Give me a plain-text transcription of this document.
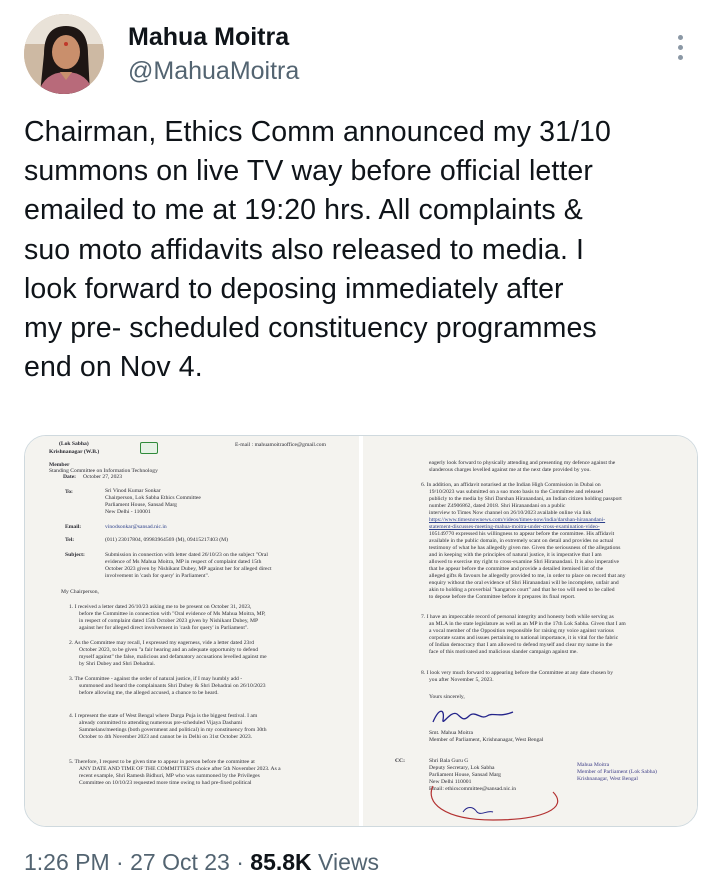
Mahua Moitra
@MahuaMoitra
Chairman, Ethics Comm announced my 31/10
summons on live TV way before official letter
emailed to me at 19:20 hrs. All complaints &
suo moto affidavits also released to media. I
look forward to deposing immediately after
my pre- scheduled constituency programmes
end on Nov 4.
(Lok Sabha)
Krishnanagar (W.B.)
E-mail : mahuamoitraoffice@gmail.com
Member
Standing Committee on Information Technology
Date: October 27, 2023
To:	Sri Vinod Kumar Sonkar
Chairperson, Lok Sabha Ethics Committee
Parliament House, Sansad Marg
New Delhi - 110001
Email:	vinodsonkar@sansad.nic.in
Tel:	(011) 23017804, 09983964569 (M), 09415217403 (M)
Subject:	Submission in connection with letter dated 26/10/23 on the subject "Oral
evidence of Ms Mahua Moitra, MP in respect of complaint dated 15th
October 2023 given by Nishikant Dubey, MP against her for alleged direct
involvement in 'cash for query' in Parliament".
My Chairperson,
1. I received a letter dated 26/10/23 asking me to be present on October 31, 2023,
before the Committee in connection with "Oral evidence of Ms Mahua Moitra, MP,
in respect of complaint dated 15th October 2023 given by Nishikant Dubey, MP
against her for alleged direct involvement in 'cash for query' in Parliament".
2. As the Committee may recall, I expressed my eagerness, vide a letter dated 23rd
October 2023, to be given "a fair hearing and an adequate opportunity to defend
myself against" the false, malicious and defamatory accusations levelled against me
by Shri Dubey and Shri Dehadrai.
3. The Committee - against the order of natural justice, if I may humbly add -
summoned and heard the complainants Shri Dubey & Shri Dehadrai on 26/10/2023
before allowing me, the alleged accused, a chance to be heard.
4. I represent the state of West Bengal where Durga Puja is the biggest festival. I am
already committed to attending numerous pre-scheduled Vijaya Dashami
Sammelans/meetings (both government and political) in my constituency from 30th
October to 4th November 2023 and cannot be in Delhi on 31st October 2023.
5. Therefore, I request to be given time to appear in person before the committee at
ANY DATE AND TIME OF THE COMMITTEE'S choice after 5th November 2023. As a
recent example, Shri Ramesh Bidhuri, MP who was summoned by the Privileges
Committee on 10/10/23 requested more time owing to had pre-fixed political
eagerly look forward to physically attending and presenting my defence against the
slanderous charges levelled against me at the next date provided by you.
6. In addition, an affidavit notarised at the Indian High Commission in Dubai on
19/10/2023 was submitted on a suo moto basis to the Committee and released
publicly to the media by Shri Darshan Hiranandani, an Indian citizen holding passport
number Z4906862, dated 2018. Shri Hiranandani on a public
interview to Times Now channel on 26/10/2023 available online via link
https://www.timesnownews.com/videos/times-now/india/darshan-hiranandani-
statement-discusses-meeting-mahua-moitra-under-cross-examination-video-
105149770 expressed his willingness to appear before the committee. His affidavit
available in the public domain, in extremely scant on detail and provides no actual
testimony of what he has allegedly given me. Given the seriousness of the allegations
and in keeping with the principles of natural justice, it is imperative that I am
allowed to exercise my right to cross-examine Shri Hiranandani. It is also imperative
that he appear before the committee and provide a detailed itemised list of the
alleged gifts & favours he allegedly provided to me, in order to place on record that any
enquiry without the oral evidence of Shri Hiranandani will be incomplete, unfair and
akin to holding a proverbial "kangaroo court" and that he too will need to be called
to depose before the Committee before it prepares its final report.
7. I have an impeccable record of personal integrity and honesty both while serving as
an MLA in the state legislature as well as an MP in the 17th Lok Sabha. Given that I am
a vocal member of the Opposition responsible for raising my voice against various
corporate scams and issues pertaining to national importance, it is vital for the fabric
of Indian democracy that I am allowed to defend myself and clear my name in the
face of this motivated and malicious slander campaign against me.
8. I look very much forward to appearing before the Committee at any date chosen by
you after November 5, 2023.
Yours sincerely,
Smt. Mahua Moitra
Member of Parliament, Krishnanagar, West Bengal
CC:	Shri Bala Guru G
Deputy Secretary, Lok Sabha
Parliament House, Sansad Marg
New Delhi 110001
Email: ethicscommittee@sansad.nic.in
Mahua Moitra
Member of Parliament (Lok Sabha)
Krishnanagar, West Bengal
1:26 PM · 27 Oct 23 · 85.8K Views
